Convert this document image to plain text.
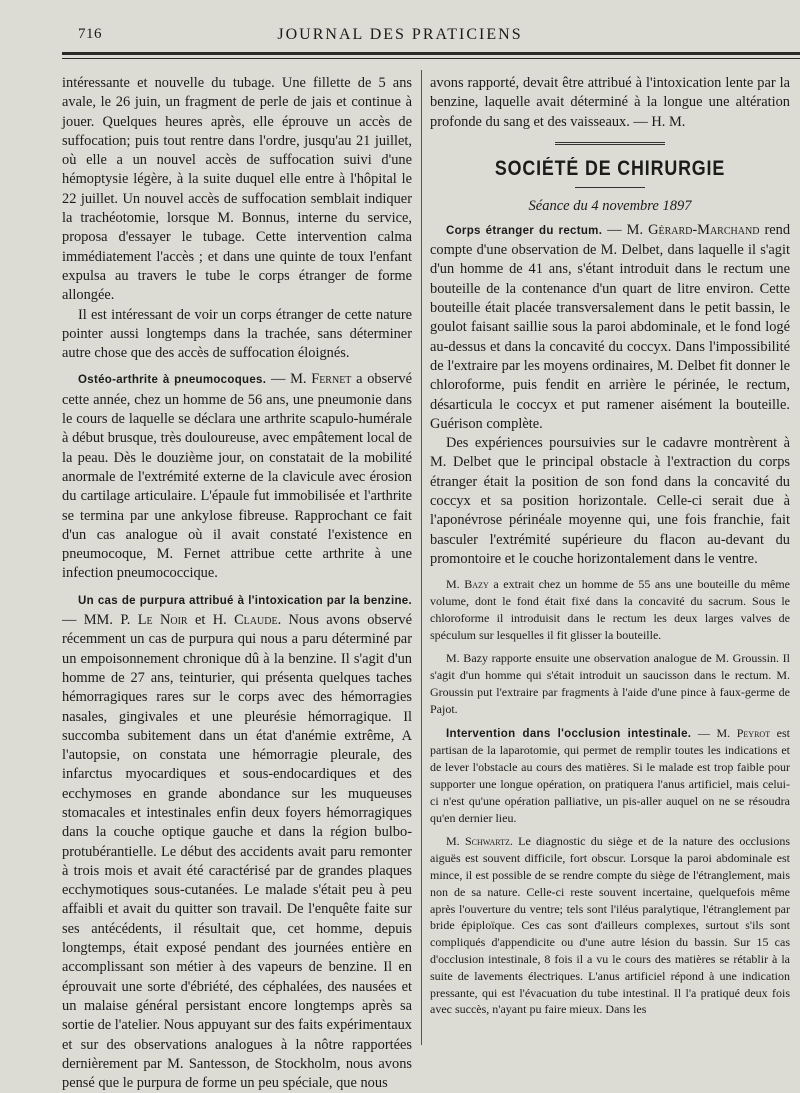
716	JOURNAL DES PRATICIENS

intéressante et nouvelle du tubage. Une fillette de 5 ans avale, le 26 juin, un fragment de perle de jais et continue à jouer. Quelques heures après, elle éprouve un accès de suffocation; puis tout rentre dans l'ordre, jusqu'au 21 juillet, où elle a un nouvel accès de suffocation suivi d'une hémoptysie légère, à la suite duquel elle entre à l'hôpital le 22 juillet. Un nouvel accès de suffocation semblait indiquer la trachéotomie, lorsque M. Bonnus, interne du service, proposa d'essayer le tubage. Cette intervention calma immédiatement l'accès ; et dans une quinte de toux l'enfant expulsa au travers le tube le corps étranger de forme allongée.

Il est intéressant de voir un corps étranger de cette nature pointer aussi longtemps dans la trachée, sans déterminer autre chose que des accès de suffocation éloignés.

Ostéo-arthrite à pneumocoques. — M. Fernet a observé cette année, chez un homme de 56 ans, une pneumonie dans le cours de laquelle se déclara une arthrite scapulo-humérale à début brusque, très douloureuse, avec empâtement local de la peau. Dès le douzième jour, on constatait de la mobilité anormale de l'extrémité externe de la clavicule avec érosion du cartilage articulaire. L'épaule fut immobilisée et l'arthrite se termina par une ankylose fibreuse. Rapprochant ce fait d'un cas analogue où il avait constaté l'existence en pneumocoque, M. Fernet attribue cette arthrite à une infection pneumococcique.

Un cas de purpura attribué à l'intoxication par la benzine. — MM. P. Le Noir et H. Claude. Nous avons observé récemment un cas de purpura qui nous a paru déterminé par un empoisonnement chronique dû à la benzine. Il s'agit d'un homme de 27 ans, teinturier, qui présenta quelques taches hémorragiques rares sur le corps avec des hémorragies nasales, gingivales et une pleurésie hémorragique. Il succomba subitement dans un état d'anémie extrême, A l'autopsie, on constata une hémorragie pleurale, des infarctus myocardiques et sous-endocardiques et des ecchymoses en grande abondance sur les muqueuses stomacales et intestinales enfin deux foyers hémorragiques dans la couche optique gauche et dans la région bulbo-protubérantielle. Le début des accidents avait paru remonter à trois mois et avait été caractérisé par de grandes plaques ecchymotiques sous-cutanées. Le malade s'était peu à peu affaibli et avait du quitter son travail. De l'enquête faite sur ses antécédents, il résultait que, cet homme, depuis longtemps, était exposé pendant des journées entière en accomplissant son métier à des vapeurs de benzine. Il en éprouvait une sorte d'ébriété, des céphalées, des nausées et un malaise général persistant encore longtemps après sa sortie de l'atelier. Nous appuyant sur des faits expérimentaux et sur des observations analogues à la nôtre rapportées dernièrement par M. Santesson, de Stockholm, nous avons pensé que le purpura de forme un peu spéciale, que nous

avons rapporté, devait être attribué à l'intoxication lente par la benzine, laquelle avait déterminé à la longue une altération profonde du sang et des vaisseaux. — H. M.

SOCIÉTÉ DE CHIRURGIE
Séance du 4 novembre 1897

Corps étranger du rectum. — M. Gérard-Marchand rend compte d'une observation de M. Delbet, dans laquelle il s'agit d'un homme de 41 ans, s'étant introduit dans le rectum une bouteille de la contenance d'un quart de litre environ. Cette bouteille était placée transversalement dans le petit bassin, le goulot faisant saillie sous la paroi abdominale, et le fond logé au-dessus et dans la concavité du coccyx. Dans l'impossibilité de l'extraire par les moyens ordinaires, M. Delbet fit donner le chloroforme, puis fendit en arrière le périnée, le rectum, désarticula le coccyx et put ramener aisément la bouteille. Guérison complète.

Des expériences poursuivies sur le cadavre montrèrent à M. Delbet que le principal obstacle à l'extraction du corps étranger était la position de son fond dans la concavité du coccyx et sa position horizontale. Celle-ci serait due à l'aponévrose périnéale moyenne qui, une fois franchie, fait basculer l'extrémité supérieure du flacon au-devant du promontoire et le couche horizontalement dans le ventre.

M. Bazy a extrait chez un homme de 55 ans une bouteille du même volume, dont le fond était fixé dans la concavité du sacrum. Sous le chloroforme il introduisit dans le rectum les deux larges valves de spéculum sur lesquelles il fit glisser la bouteille.

M. Bazy rapporte ensuite une observation analogue de M. Groussin. Il s'agit d'un homme qui s'était introduit un saucisson dans le rectum. M. Groussin put l'extraire par fragments à l'aide d'une pince à faux-germe de Pajot.

Intervention dans l'occlusion intestinale. — M. Peyrot est partisan de la laparotomie, qui permet de remplir toutes les indications et de lever l'obstacle au cours des matières. Si le malade est trop faible pour supporter une longue opération, on pratiquera l'anus artificiel, mais celui-ci n'est qu'une opération palliative, un pis-aller auquel on ne se résoudra qu'en dernier lieu.

M. Schwartz. Le diagnostic du siège et de la nature des occlusions aiguës est souvent difficile, fort obscur. Lorsque la paroi abdominale est mince, il est possible de se rendre compte du siège de l'étranglement, mais non de sa nature. Celle-ci reste souvent incertaine, quelquefois même après l'ouverture du ventre; tels sont l'iléus paralytique, l'étranglement par bride épiploïque. Ces cas sont d'ailleurs complexes, surtout s'ils sont compliqués d'appendicite ou d'une autre lésion du bassin. Sur 15 cas d'occlusion intestinale, 8 fois il a vu le cours des matières se rétablir à la suite de lavements électriques. L'anus artificiel répond à une indication pressante, qui est l'évacuation du tube intestinal. Il l'a pratiqué deux fois avec succès, n'ayant pu faire mieux. Dans les
